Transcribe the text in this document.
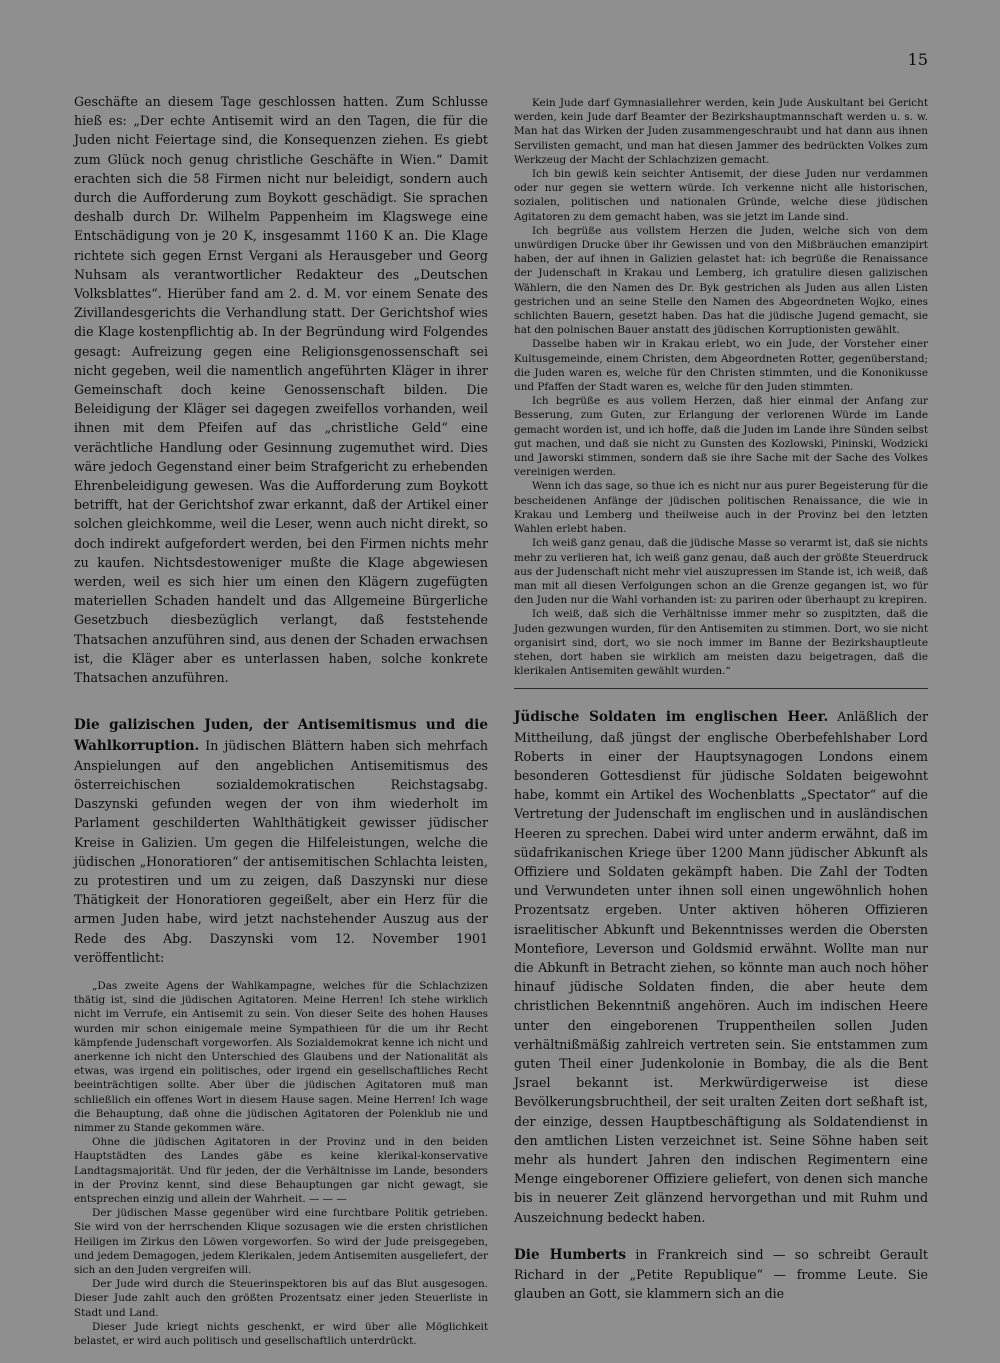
15

Geschäfte an diesem Tage geschlossen hatten. Zum Schlusse hieß es: „Der echte Antisemit wird an den Tagen, die für die Juden nicht Feiertage sind, die Konsequenzen ziehen. Es giebt zum Glück noch genug christliche Geschäfte in Wien.“ Damit erachten sich die 58 Firmen nicht nur beleidigt, sondern auch durch die Aufforderung zum Boykott geschädigt. Sie sprachen deshalb durch Dr. Wilhelm Pappenheim im Klagswege eine Entschädigung von je 20 K, insgesammt 1160 K an. Die Klage richtete sich gegen Ernst Vergani als Herausgeber und Georg Nuhsam als verantwortlicher Redakteur des „Deutschen Volksblattes“. Hierüber fand am 2. d. M. vor einem Senate des Zivillandesgerichts die Verhandlung statt. Der Gerichtshof wies die Klage kostenpflichtig ab. In der Begründung wird Folgendes gesagt: Aufreizung gegen eine Religionsgenossenschaft sei nicht gegeben, weil die namentlich angeführten Kläger in ihrer Gemeinschaft doch keine Genossenschaft bilden. Die Beleidigung der Kläger sei dagegen zweifellos vorhanden, weil ihnen mit dem Pfeifen auf das „christliche Geld“ eine verächtliche Handlung oder Gesinnung zugemuthet wird. Dies wäre jedoch Gegenstand einer beim Strafgericht zu erhebenden Ehrenbeleidigung gewesen. Was die Aufforderung zum Boykott betrifft, hat der Gerichtshof zwar erkannt, daß der Artikel einer solchen gleichkomme, weil die Leser, wenn auch nicht direkt, so doch indirekt aufgefordert werden, bei den Firmen nichts mehr zu kaufen. Nichtsdestoweniger mußte die Klage abgewiesen werden, weil es sich hier um einen den Klägern zugefügten materiellen Schaden handelt und das Allgemeine Bürgerliche Gesetzbuch diesbezüglich verlangt, daß feststehende Thatsachen anzuführen sind, aus denen der Schaden erwachsen ist, die Kläger aber es unterlassen haben, solche konkrete Thatsachen anzuführen.

Die galizischen Juden, der Antisemitismus und die Wahlkorruption. In jüdischen Blättern haben sich mehrfach Anspielungen auf den angeblichen Antisemitismus des österreichischen sozialdemokratischen Reichstagsabg. Daszynski gefunden wegen der von ihm wiederholt im Parlament geschilderten Wahlthätigkeit gewisser jüdischer Kreise in Galizien. Um gegen die Hilfeleistungen, welche die jüdischen „Honoratioren“ der antisemitischen Schlachta leisten, zu protestiren und um zu zeigen, daß Daszynski nur diese Thätigkeit der Honoratioren gegeißelt, aber ein Herz für die armen Juden habe, wird jetzt nachstehender Auszug aus der Rede des Abg. Daszynski vom 12. November 1901 veröffentlicht:

„Das zweite Agens der Wahlkampagne, welches für die Schlachzizen thätig ist, sind die jüdischen Agitatoren. Meine Herren! Ich stehe wirklich nicht im Verrufe, ein Antisemit zu sein. Von dieser Seite des hohen Hauses wurden mir schon einigemale meine Sympathieen für die um ihr Recht kämpfende Judenschaft vorgeworfen. Als Sozialdemokrat kenne ich nicht und anerkenne ich nicht den Unterschied des Glaubens und der Nationalität als etwas, was irgend ein politisches, oder irgend ein gesellschaftliches Recht beeinträchtigen sollte. Aber über die jüdischen Agitatoren muß man schließlich ein offenes Wort in diesem Hause sagen. Meine Herren! Ich wage die Behauptung, daß ohne die jüdischen Agitatoren der Polenklub nie und nimmer zu Stande gekommen wäre.

Ohne die jüdischen Agitatoren in der Provinz und in den beiden Hauptstädten des Landes gäbe es keine klerikal-konservative Landtagsmajorität. Und für jeden, der die Verhältnisse im Lande, besonders in der Provinz kennt, sind diese Behauptungen gar nicht gewagt, sie entsprechen einzig und allein der Wahrheit. — — —

Der jüdischen Masse gegenüber wird eine furchtbare Politik getrieben. Sie wird von der herrschenden Klique sozusagen wie die ersten christlichen Heiligen im Zirkus den Löwen vorgeworfen. So wird der Jude preisgegeben, und jedem Demagogen, jedem Klerikalen, jedem Antisemiten ausgeliefert, der sich an den Juden vergreifen will.

Der Jude wird durch die Steuerinspektoren bis auf das Blut ausgesogen. Dieser Jude zahlt auch den größten Prozentsatz einer jeden Steuerliste in Stadt und Land.

Dieser Jude kriegt nichts geschenkt, er wird über alle Möglichkeit belastet, er wird auch politisch und gesellschaftlich unterdrückt.

Kein Jude darf Gymnasiallehrer werden, kein Jude Auskultant bei Gericht werden, kein Jude darf Beamter der Bezirkshauptmannschaft werden u. s. w. Man hat das Wirken der Juden zusammengeschraubt und hat dann aus ihnen Servilisten gemacht, und man hat diesen Jammer des bedrückten Volkes zum Werkzeug der Macht der Schlachzizen gemacht.

Ich bin gewiß kein seichter Antisemit, der diese Juden nur verdammen oder nur gegen sie wettern würde. Ich verkenne nicht alle historischen, sozialen, politischen und nationalen Gründe, welche diese jüdischen Agitatoren zu dem gemacht haben, was sie jetzt im Lande sind.

Ich begrüße aus vollstem Herzen die Juden, welche sich von dem unwürdigen Drucke über ihr Gewissen und von den Mißbräuchen emanzipirt haben, der auf ihnen in Galizien gelastet hat: ich begrüße die Renaissance der Judenschaft in Krakau und Lemberg, ich gratulire diesen galizischen Wählern, die den Namen des Dr. Byk gestrichen als Juden aus allen Listen gestrichen und an seine Stelle den Namen des Abgeordneten Wojko, eines schlichten Bauern, gesetzt haben. Das hat die jüdische Jugend gemacht, sie hat den polnischen Bauer anstatt des jüdischen Korruptionisten gewählt.

Dasselbe haben wir in Krakau erlebt, wo ein Jude, der Vorsteher einer Kultusgemeinde, einem Christen, dem Abgeordneten Rotter, gegenüberstand; die Juden waren es, welche für den Christen stimmten, und die Kononikusse und Pfaffen der Stadt waren es, welche für den Juden stimmten.

Ich begrüße es aus vollem Herzen, daß hier einmal der Anfang zur Besserung, zum Guten, zur Erlangung der verlorenen Würde im Lande gemacht worden ist, und ich hoffe, daß die Juden im Lande ihre Sünden selbst gut machen, und daß sie nicht zu Gunsten des Kozlowski, Pininski, Wodzicki und Jaworski stimmen, sondern daß sie ihre Sache mit der Sache des Volkes vereinigen werden.

Wenn ich das sage, so thue ich es nicht nur aus purer Begeisterung für die bescheidenen Anfänge der jüdischen politischen Renaissance, die wie in Krakau und Lemberg und theilweise auch in der Provinz bei den letzten Wahlen erlebt haben.

Ich weiß ganz genau, daß die jüdische Masse so verarmt ist, daß sie nichts mehr zu verlieren hat, ich weiß ganz genau, daß auch der größte Steuerdruck aus der Judenschaft nicht mehr viel auszupressen im Stande ist, ich weiß, daß man mit all diesen Verfolgungen schon an die Grenze gegangen ist, wo für den Juden nur die Wahl vorhanden ist: zu pariren oder überhaupt zu krepiren.

Ich weiß, daß sich die Verhältnisse immer mehr so zuspitzten, daß die Juden gezwungen wurden, für den Antisemiten zu stimmen. Dort, wo sie nicht organisirt sind, dort, wo sie noch immer im Banne der Bezirkshauptleute stehen, dort haben sie wirklich am meisten dazu beigetragen, daß die klerikalen Antisemiten gewählt wurden.“

Jüdische Soldaten im englischen Heer. Anläßlich der Mittheilung, daß jüngst der englische Oberbefehlshaber Lord Roberts in einer der Hauptsynagogen Londons einem besonderen Gottesdienst für jüdische Soldaten beigewohnt habe, kommt ein Artikel des Wochenblatts „Spectator“ auf die Vertretung der Judenschaft im englischen und in ausländischen Heeren zu sprechen. Dabei wird unter anderm erwähnt, daß im südafrikanischen Kriege über 1200 Mann jüdischer Abkunft als Offiziere und Soldaten gekämpft haben. Die Zahl der Todten und Verwundeten unter ihnen soll einen ungewöhnlich hohen Prozentsatz ergeben. Unter aktiven höheren Offizieren israelitischer Abkunft und Bekenntnisses werden die Obersten Montefiore, Leverson und Goldsmid erwähnt. Wollte man nur die Abkunft in Betracht ziehen, so könnte man auch noch höher hinauf jüdische Soldaten finden, die aber heute dem christlichen Bekenntniß angehören. Auch im indischen Heere unter den eingeborenen Truppentheilen sollen Juden verhältnißmäßig zahlreich vertreten sein. Sie entstammen zum guten Theil einer Judenkolonie in Bombay, die als die Bent Jsrael bekannt ist. Merkwürdigerweise ist diese Bevölkerungsbruchtheil, der seit uralten Zeiten dort seßhaft ist, der einzige, dessen Hauptbeschäftigung als Soldatendienst in den amtlichen Listen verzeichnet ist. Seine Söhne haben seit mehr als hundert Jahren den indischen Regimentern eine Menge eingeborener Offiziere geliefert, von denen sich manche bis in neuerer Zeit glänzend hervorgethan und mit Ruhm und Auszeichnung bedeckt haben.

Die Humberts in Frankreich sind — so schreibt Gerault Richard in der „Petite Republique“ — fromme Leute. Sie glauben an Gott, sie klammern sich an die
